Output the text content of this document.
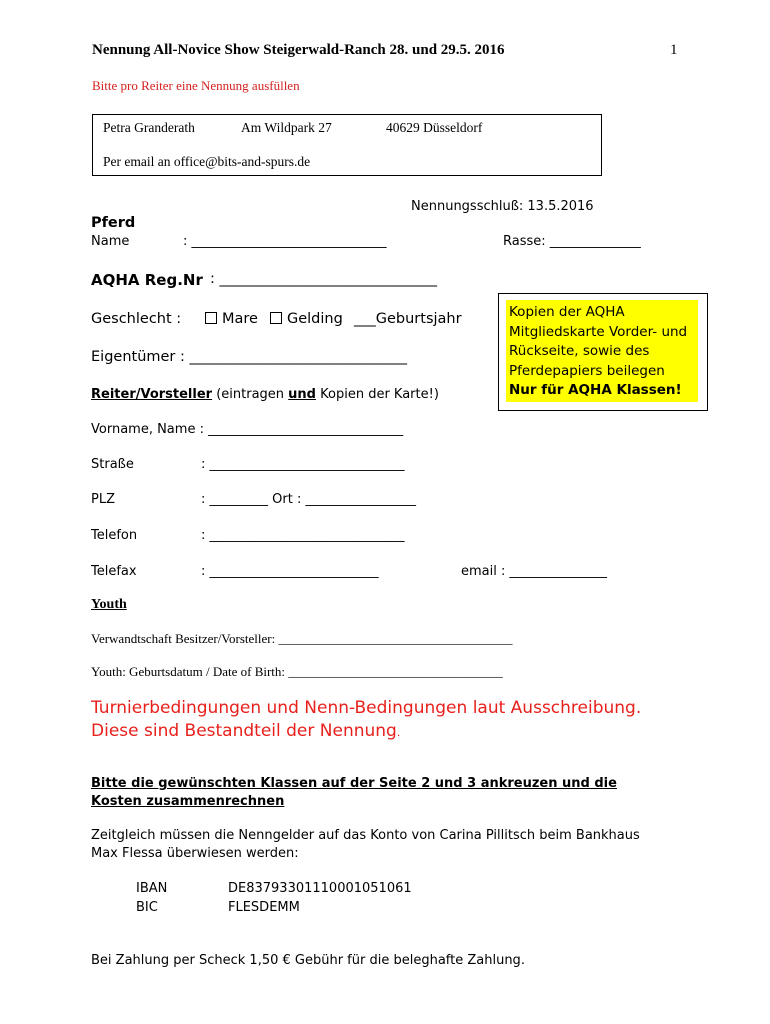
Nennung All-Novice Show Steigerwald-Ranch 28. und 29.5. 2016	1
Bitte pro Reiter eine Nennung ausfüllen
Petra Granderath	Am Wildpark 27	40629 Düsseldorf
Per email an office@bits-and-spurs.de
Nennungsschluß: 13.5.2016
Pferd
Name	: ______________________________	Rasse: ______________
AQHA Reg.Nr : ______________________________
Geschlecht :	Mare	Gelding ___Geburtsjahr
Eigentümer : ______________________________
Kopien der AQHA Mitgliedskarte Vorder- und Rückseite, sowie des Pferdepapiers beilegen
Nur für AQHA Klassen!
Reiter/Vorsteller (eintragen und Kopien der Karte!)
Vorname, Name : ______________________________
Straße	: ______________________________
PLZ	: _________ Ort : _________________
Telefon	: ______________________________
Telefax	: __________________________	email : _______________
Youth
Verwandtschaft Besitzer/Vorsteller: ____________________________________
Youth: Geburtsdatum / Date of Birth: _________________________________
Turnierbedingungen und Nenn-Bedingungen laut Ausschreibung.
Diese sind Bestandteil der Nennung.
Bitte die gewünschten Klassen auf der Seite 2 und 3 ankreuzen und die
Kosten zusammenrechnen
Zeitgleich müssen die Nenngelder auf das Konto von Carina Pillitsch beim Bankhaus
Max Flessa überwiesen werden:
IBAN	DE83793301110001051061
BIC	FLESDEMM
Bei Zahlung per Scheck 1,50 € Gebühr für die beleghafte Zahlung.
